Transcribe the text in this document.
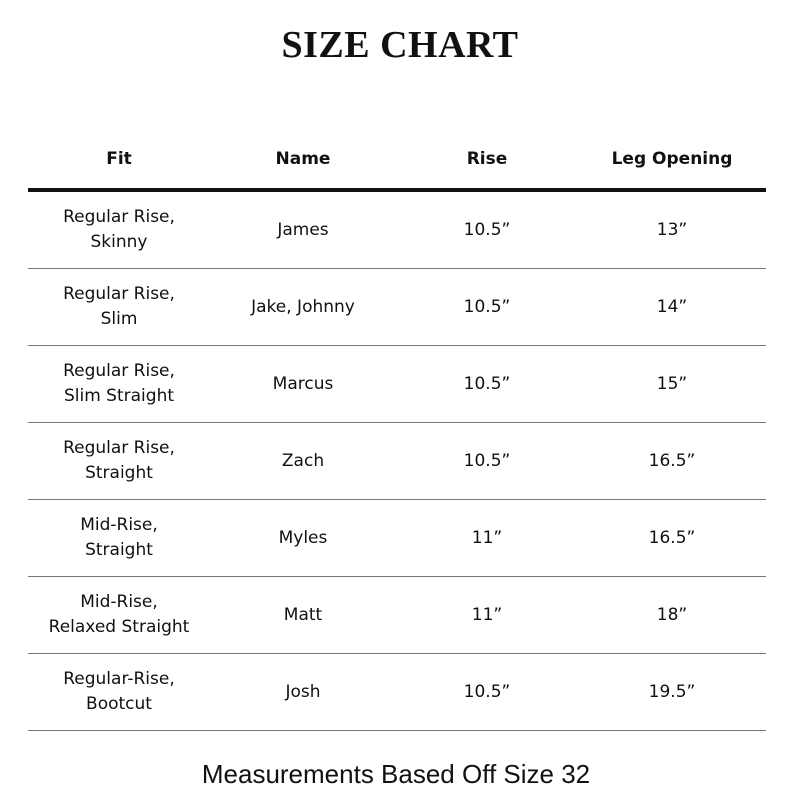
SIZE CHART
Fit	Name	Rise	Leg Opening
Regular Rise,
Skinny
James	10.5”	13”
Regular Rise,
Slim
Jake, Johnny	10.5”	14”
Regular Rise,
Slim Straight
Marcus	10.5”	15”
Regular Rise,
Straight
Zach	10.5”	16.5”
Mid-Rise,
Straight
Myles	11”	16.5”
Mid-Rise,
Relaxed Straight
Matt	11”	18”
Regular-Rise,
Bootcut
Josh	10.5”	19.5”
Measurements Based Off Size 32
